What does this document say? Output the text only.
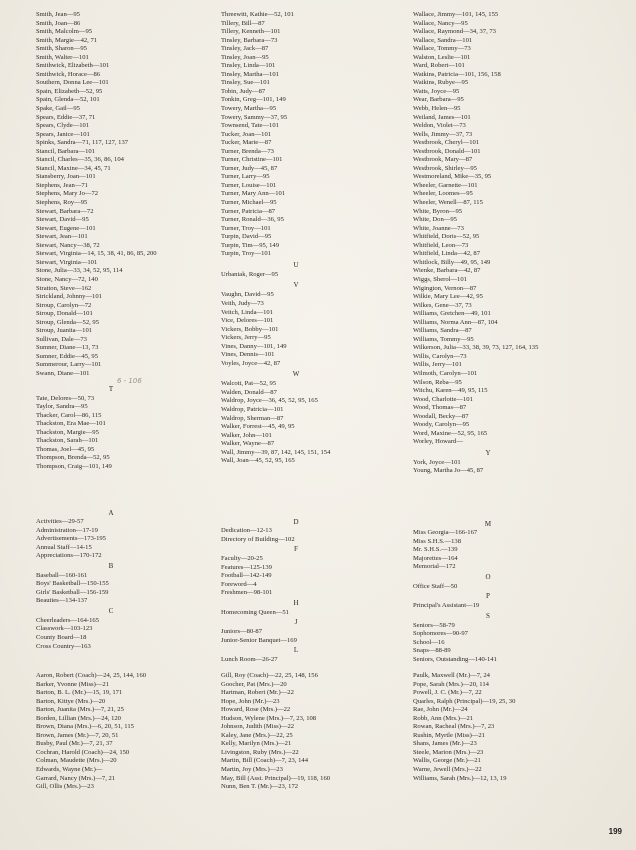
Smith, Jean—95
Smith, Joan—86
Smith, Malcolm—95
Smith, Margie—42, 71
Smith, Sharon—95
Smith, Walter—101
Smithwick, Elizabeth—101
Smithwick, Horace—86
Southern, Donna Lee—101
Spain, Elizabeth—52, 95
Spain, Glenda—52, 101
Spake, Gail—95
Spears, Eddie—37, 71
Spears, Clyde—101
Spears, Janice—101
Spinks, Sandra—71, 117, 127, 137
Stancil, Barbara—101
Stancil, Charles—35, 36, 86, 104
Stancil, Maxine—34, 45, 71
Stansberry, Joan—101
Stephens, Jean—71
Stephens, Mary Jo—72
Stephens, Roy—95
Stewart, Barbara—72
Stewart, David—95
Stewart, Eugene—101
Stewart, Jean—101
Stewart, Nancy—38, 72
Stewart, Virginia—14, 15, 38, 41, 86, 85, 200
Stewart, Virginia—101
Stone, Julia—33, 34, 52, 95, 114
Stone, Nancy—72, 140
Stratton, Steve—162
Strickland, Johnny—101
Stroup, Carolyn—72
Stroup, Donald—101
Stroup, Glenda—52, 95
Stroup, Juanita—101
Sullivan, Dale—73
Sumner, Diane—13, 73
Sumner, Eddie—45, 95
Summerour, Larry—101
Swann, Diane—101
T
Tate, Delores—50, 73
Taylor, Sandra—95
Thacker, Carol—86, 115
Thackston, Era Mae—101
Thackston, Margie—95
Thackston, Sarah—101
Thomas, Joel—45, 95
Thompson, Brenda—52, 95
Thompson, Craig—101, 149
Threewitt, Kathie—52, 101
Tillery, Bill—87
Tillery, Kenneth—101
Tinsley, Barbara—73
Tinsley, Jack—87
Tinsley, Joan—95
Tinsley, Linda—101
Tinsley, Martha—101
Tinsley, Sue—101
Tobin, Judy—87
Tonkin, Greg—101, 149
Towery, Martha—95
Towery, Sammy—37, 95
Townsend, Tate—101
Tucker, Joan—101
Tucker, Marie—87
Turner, Brenda—73
Turner, Christine—101
Turner, Judy—45, 87
Turner, Larry—95
Turner, Louise—101
Turner, Mary Ann—101
Turner, Michael—95
Turner, Patricia—87
Turner, Ronald—36, 95
Turner, Troy—101
Turpin, David—95
Turpin, Tim—95, 149
Turpin, Troy—101
U
Urbaniak, Roger—95
V
Vaughn, David—95
Veith, Judy—73
Veitch, Linda—101
Vice, Delores—101
Vickers, Bobby—101
Vickers, Jerry—95
Vines, Danny—101, 149
Vines, Dennis—101
Voyles, Joyce—42, 87
W
Walcott, Pat—52, 95
Walden, Donald—87
Waldrop, Joyce—36, 45, 52, 95, 165
Waldrop, Patricia—101
Waldrop, Sherman—87
Walker, Forrest—45, 49, 95
Walker, John—101
Walker, Wayne—87
Wall, Jimmy—39, 87, 142, 145, 151, 154
Wall, Joan—45, 52, 95, 165
Wallace, Jimmy—101, 145, 155
Wallace, Nancy—95
Wallace, Raymond—34, 37, 73
Wallace, Sandra—101
Wallace, Tommy—73
Walston, Leslie—101
Ward, Robert—101
Watkins, Patricia—101, 156, 158
Watkins, Rubye—95
Watts, Joyce—95
Wear, Barbara—95
Webb, Helen—95
Weiland, James—101
Weldon, Violet—73
Wells, Jimmy—37, 73
Westbrook, Cheryl—101
Westbrook, Donald—101
Westbrook, Mary—87
Westbrook, Shirley—95
Westmoreland, Mike—35, 95
Wheeler, Garnette—101
Wheeler, Loomes—95
Wheeler, Wenell—87, 115
White, Byron—95
White, Don—95
White, Joanne—73
Whitfield, Doris—52, 95
Whitfield, Leon—73
Whitfield, Linda—42, 87
Whitlock, Billy—49, 95, 149
Wienke, Barbara—42, 87
Wiggs, Sherol—101
Wigington, Vernon—87
Wilkie, Mary Lee—42, 95
Wilkes, Gene—37, 73
Williams, Gretchen—49, 101
Williams, Norma Ann—87, 104
Williams, Sandra—87
Williams, Tommy—95
Wilkerson, Julia—33, 38, 39, 73, 127, 164, 135
Willis, Carolyn—73
Willis, Jerry—101
Wilmoth, Carolyn—101
Wilson, Reba—95
Witchu, Karen—49, 95, 115
Wood, Charlotte—101
Wood, Thomas—87
Woodall, Becky—87
Woody, Carolyn—95
Word, Maxine—52, 95, 165
Worley, Howard—
Y
York, Joyce—101
Young, Martha Jo—45, 87
6 - 106
A
Activities—29-57
Administration—17-19
Advertisements—173-195
Annual Staff—14-15
Appreciations—170-172
B
Baseball—160-161
Boys' Basketball—150-155
Girls' Basketball—156-159
Beauties—134-137
C
Cheerleaders—164-165
Classwork—103-123
County Board—18
Cross Country—163
D
Dedication—12-13
Directory of Building—102
F
Faculty—20-25
Features—125-139
Football—142-149
Foreword—4
Freshmen—98-101
H
Homecoming Queen—51
J
Juniors—80-87
Junior-Senior Banquet—169
L
Lunch Room—26-27
M
Miss Georgia—166-167
Miss S.H.S.—138
Mr. S.H.S.—139
Majorettes—164
Memorial—172
O
Office Staff—50
P
Principal's Assistant—19
S
Seniors—58-79
Sophomores—90-97
School—16
Snaps—88-89
Seniors, Outstanding—140-141
Aaron, Robert (Coach)—24, 25, 144, 160
Barker, Yvonne (Miss)—21
Barton, B. L. (Mr.)—15, 19, 171
Barton, Kittye (Mrs.)—20
Barton, Juanita (Mrs.)—7, 21, 25
Borden, Lillian (Mrs.)—24, 120
Brown, Diana (Mrs.)—6, 20, 51, 115
Brown, James (Mr.)—7, 20, 51
Busby, Paul (Mr.)—7, 21, 37
Cochran, Harold (Coach)—24, 150
Colman, Maudette (Mrs.)—20
Edwards, Wayne (Mr.)—
Garrard, Nancy (Mrs.)—7, 21
Gill, Ollis (Mrs.)—23
Gill, Roy (Coach)—22, 25, 148, 156
Goocher, Pat (Mrs.)—20
Hartman, Robert (Mr.)—22
Hope, John (Mr.)—23
Howard, Rose (Mrs.)—22
Hudson, Wylene (Mrs.)—7, 23, 108
Johnson, Judith (Miss)—22
Kaley, Jane (Mrs.)—22, 25
Kelly, Marilyn (Mrs.)—21
Livingston, Ruby (Mrs.)—22
Martin, Bill (Coach)—7, 23, 144
Martin, Joy (Mrs.)—23
May, Bill (Asst. Principal)—19, 118, 160
Nunn, Ben T. (Mr.)—23, 172
Paulk, Maxwell (Mr.)—7, 24
Pope, Sarah (Mrs.)—20, 114
Powell, J. C. (Mr.)—7, 22
Quarles, Ralph (Principal)—19, 25, 30
Rae, John (Mr.)—24
Robb, Ann (Mrs.)—21
Rowan, Racheal (Mrs.)—7, 23
Rushin, Myrtle (Miss)—21
Shans, James (Mr.)—23
Steele, Marion (Mrs.)—23
Wallis, George (Mr.)—21
Warne, Jewell (Mrs.)—22
Williams, Sarah (Mrs.)—12, 13, 19
199
